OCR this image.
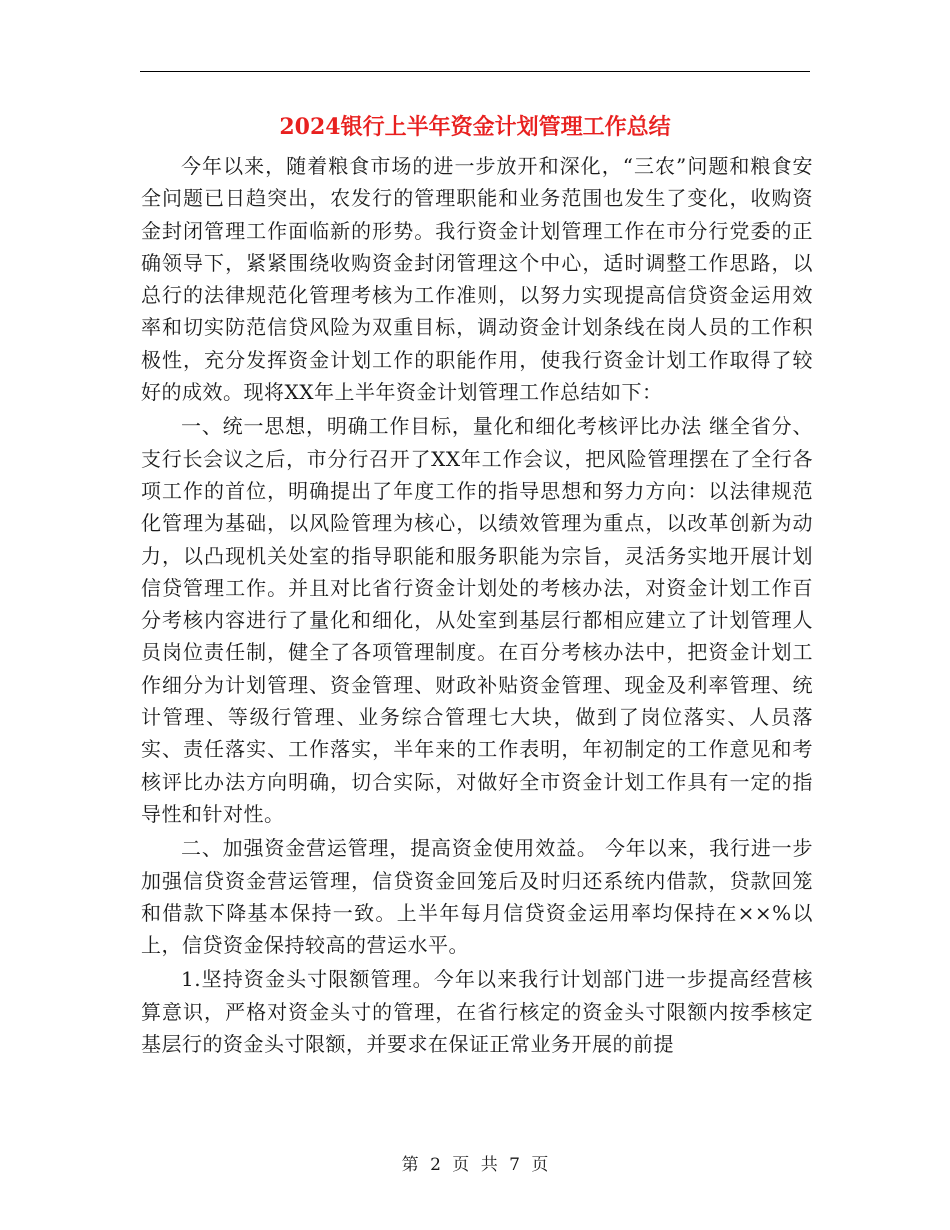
2024银行上半年资金计划管理工作总结

今年以来，随着粮食市场的进一步放开和深化，“三农”问题和粮食安全问题已日趋突出，农发行的管理职能和业务范围也发生了变化，收购资金封闭管理工作面临新的形势。我行资金计划管理工作在市分行党委的正确领导下，紧紧围绕收购资金封闭管理这个中心，适时调整工作思路，以总行的法律规范化管理考核为工作准则，以努力实现提高信贷资金运用效率和切实防范信贷风险为双重目标，调动资金计划条线在岗人员的工作积极性，充分发挥资金计划工作的职能作用，使我行资金计划工作取得了较好的成效。现将XX年上半年资金计划管理工作总结如下：

一、统一思想，明确工作目标，量化和细化考核评比办法 继全省分、支行长会议之后，市分行召开了XX年工作会议，把风险管理摆在了全行各项工作的首位，明确提出了年度工作的指导思想和努力方向：以法律规范化管理为基础，以风险管理为核心，以绩效管理为重点，以改革创新为动力，以凸现机关处室的指导职能和服务职能为宗旨，灵活务实地开展计划信贷管理工作。并且对比省行资金计划处的考核办法，对资金计划工作百分考核内容进行了量化和细化，从处室到基层行都相应建立了计划管理人员岗位责任制，健全了各项管理制度。在百分考核办法中，把资金计划工作细分为计划管理、资金管理、财政补贴资金管理、现金及利率管理、统计管理、等级行管理、业务综合管理七大块，做到了岗位落实、人员落实、责任落实、工作落实，半年来的工作表明，年初制定的工作意见和考核评比办法方向明确，切合实际，对做好全市资金计划工作具有一定的指导性和针对性。

二、加强资金营运管理，提高资金使用效益。 今年以来，我行进一步加强信贷资金营运管理，信贷资金回笼后及时归还系统内借款，贷款回笼和借款下降基本保持一致。上半年每月信贷资金运用率均保持在××%以上，信贷资金保持较高的营运水平。

1.坚持资金头寸限额管理。今年以来我行计划部门进一步提高经营核算意识，严格对资金头寸的管理，在省行核定的资金头寸限额内按季核定基层行的资金头寸限额，并要求在保证正常业务开展的前提

第 2 页 共 7 页
